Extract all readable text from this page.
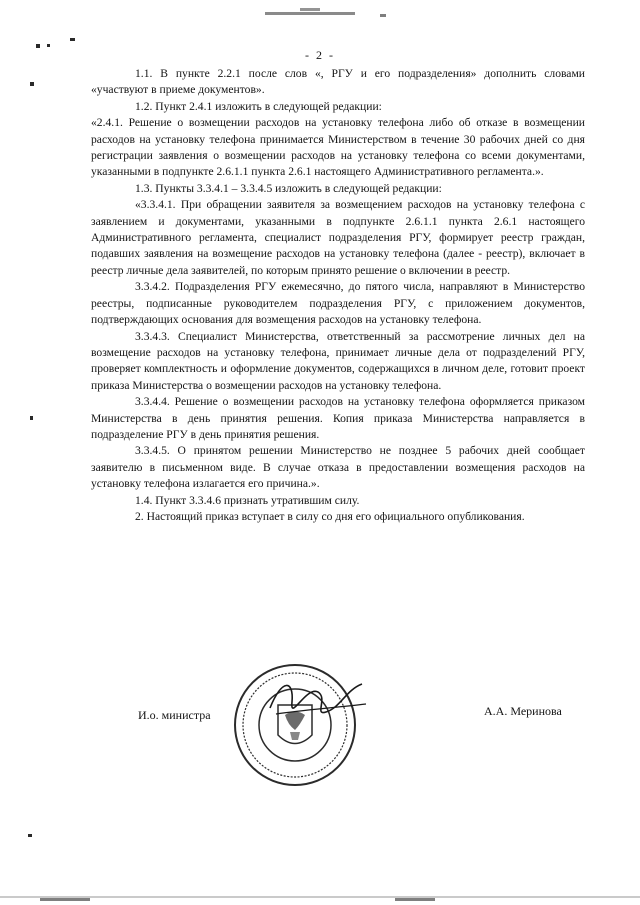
- 2 -

1.1. В пункте 2.2.1 после слов «, РГУ и его подразделения» дополнить словами «участвуют в приеме документов».

1.2. Пункт 2.4.1 изложить в следующей редакции:

«2.4.1. Решение о возмещении расходов на установку телефона либо об отказе в возмещении расходов на установку телефона принимается Министерством в течение 30 рабочих дней со дня регистрации заявления о возмещении расходов на установку телефона со всеми документами, указанными в подпункте 2.6.1.1 пункта 2.6.1 настоящего Административного регламента.».

1.3. Пункты 3.3.4.1 – 3.3.4.5 изложить в следующей редакции:

«3.3.4.1. При обращении заявителя за возмещением расходов на установку телефона с заявлением и документами, указанными в подпункте 2.6.1.1 пункта 2.6.1 настоящего Административного регламента, специалист подразделения РГУ, формирует реестр граждан, подавших заявления на возмещение расходов на установку телефона (далее - реестр), включает в реестр личные дела заявителей, по которым принято решение о включении в реестр.

3.3.4.2. Подразделения РГУ ежемесячно, до пятого числа, направляют в Министерство реестры, подписанные руководителем подразделения РГУ, с приложением документов, подтверждающих основания для возмещения расходов на установку телефона.

3.3.4.3. Специалист Министерства, ответственный за рассмотрение личных дел на возмещение расходов на установку телефона, принимает личные дела от подразделений РГУ, проверяет комплектность и оформление документов, содержащихся в личном деле, готовит проект приказа Министерства о возмещении расходов на установку телефона.

3.3.4.4. Решение о возмещении расходов на установку телефона оформляется приказом Министерства в день принятия решения. Копия приказа Министерства направляется в подразделение РГУ в день принятия решения.

3.3.4.5. О принятом решении Министерство не позднее 5 рабочих дней сообщает заявителю в письменном виде. В случае отказа в предоставлении возмещения расходов на установку телефона излагается его причина.».

1.4. Пункт 3.3.4.6 признать утратившим силу.

2. Настоящий приказ вступает в силу со дня его официального опубликования.

И.о. министра	А.А. Меринова
